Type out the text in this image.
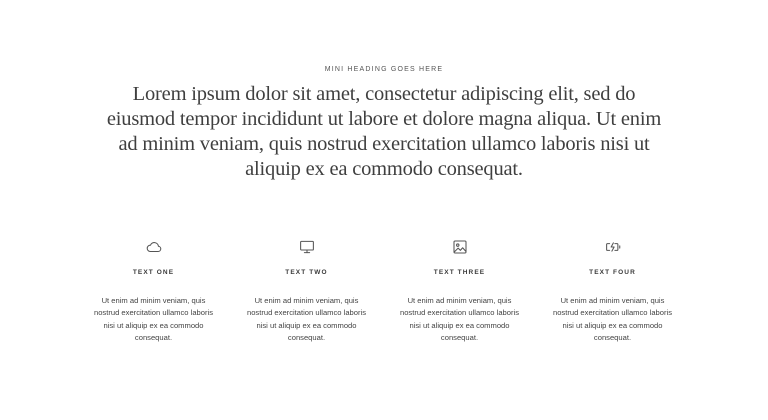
MINI HEADING GOES HERE

Lorem ipsum dolor sit amet, consectetur adipiscing elit, sed do eiusmod tempor incididunt ut labore et dolore magna aliqua. Ut enim ad minim veniam, quis nostrud exercitation ullamco laboris nisi ut aliquip ex ea commodo consequat.

TEXT ONE
Ut enim ad minim veniam, quis nostrud exercitation ullamco laboris nisi ut aliquip ex ea commodo consequat.
TEXT TWO
Ut enim ad minim veniam, quis nostrud exercitation ullamco laboris nisi ut aliquip ex ea commodo consequat.
TEXT THREE
Ut enim ad minim veniam, quis nostrud exercitation ullamco laboris nisi ut aliquip ex ea commodo consequat.
TEXT FOUR
Ut enim ad minim veniam, quis nostrud exercitation ullamco laboris nisi ut aliquip ex ea commodo consequat.
